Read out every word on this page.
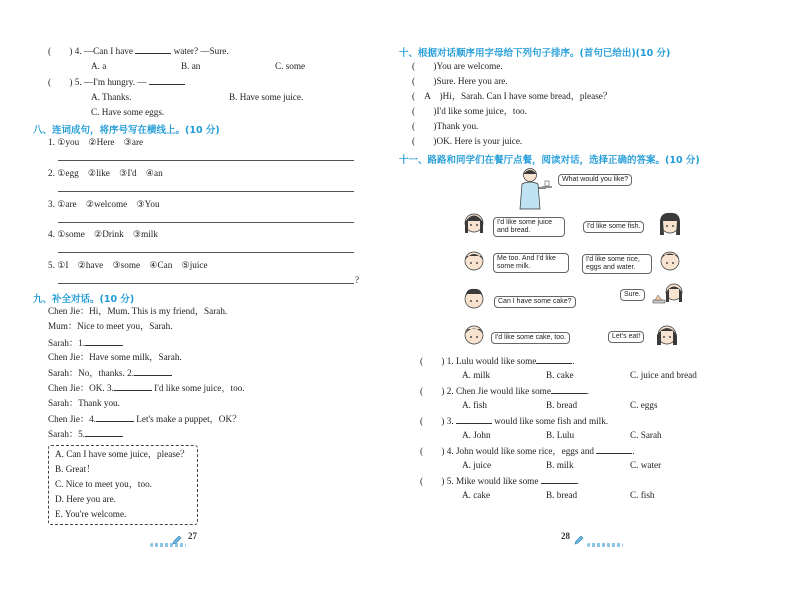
(　　) 4. —Can I have	water? —Sure.
A. a	B. an	C. some
(　　) 5. —I'm hungry. —
A. Thanks.	B. Have some juice.
C. Have some eggs.
八、连词成句，将序号写在横线上。(10 分)
1. ①you　②Here　③are
2. ①egg　②like　③I'd　④an
3. ①are　②welcome　③You
4. ①some　②Drink　③milk
5. ①I　②have　③some　④Can　⑤juice
?
九、补全对话。(10 分)
Chen Jie：Hi，Mum. This is my friend，Sarah.
Mum：Nice to meet you，Sarah.
Sarah：1.
Chen Jie：Have some milk，Sarah.
Sarah：No，thanks. 2.
Chen Jie：OK. 3.	I'd like some juice，too.
Sarah：Thank you.
Chen Jie：4.	Let's make a puppet，OK？
Sarah：5.
A. Can I have some juice，please？
B. Great！
C. Nice to meet you，too.
D. Here you are.
E. You're welcome.
27
十、根据对话顺序用字母给下列句子排序。(首句已给出)(10 分)
(　　)You are welcome.
(　　)Sure. Here you are.
(　A　)Hi，Sarah. Can I have some bread，please？
(　　)I'd like some juice，too.
(　　)Thank you.
(　　)OK. Here is your juice.
十一、路路和同学们在餐厅点餐，阅读对话，选择正确的答案。(10 分)
What would you like?
I'd like some juice and bread.
Me too. And I'd like some milk.
Can I have some cake?
I'd like some cake, too.
I'd like some fish.
I'd like some rice, eggs and water.
Sure.
Let's eat!
(　　) 1. Lulu would like some	.
A. milk	B. cake	C. juice and bread
(　　) 2. Chen Jie would like some	.
A. fish	B. bread	C. eggs
(　　) 3.	would like some fish and milk.
A. John	B. Lulu	C. Sarah
(　　) 4. John would like some rice，eggs and	.
A. juice	B. milk	C. water
(　　) 5. Mike would like some	.
A. cake	B. bread	C. fish
28
